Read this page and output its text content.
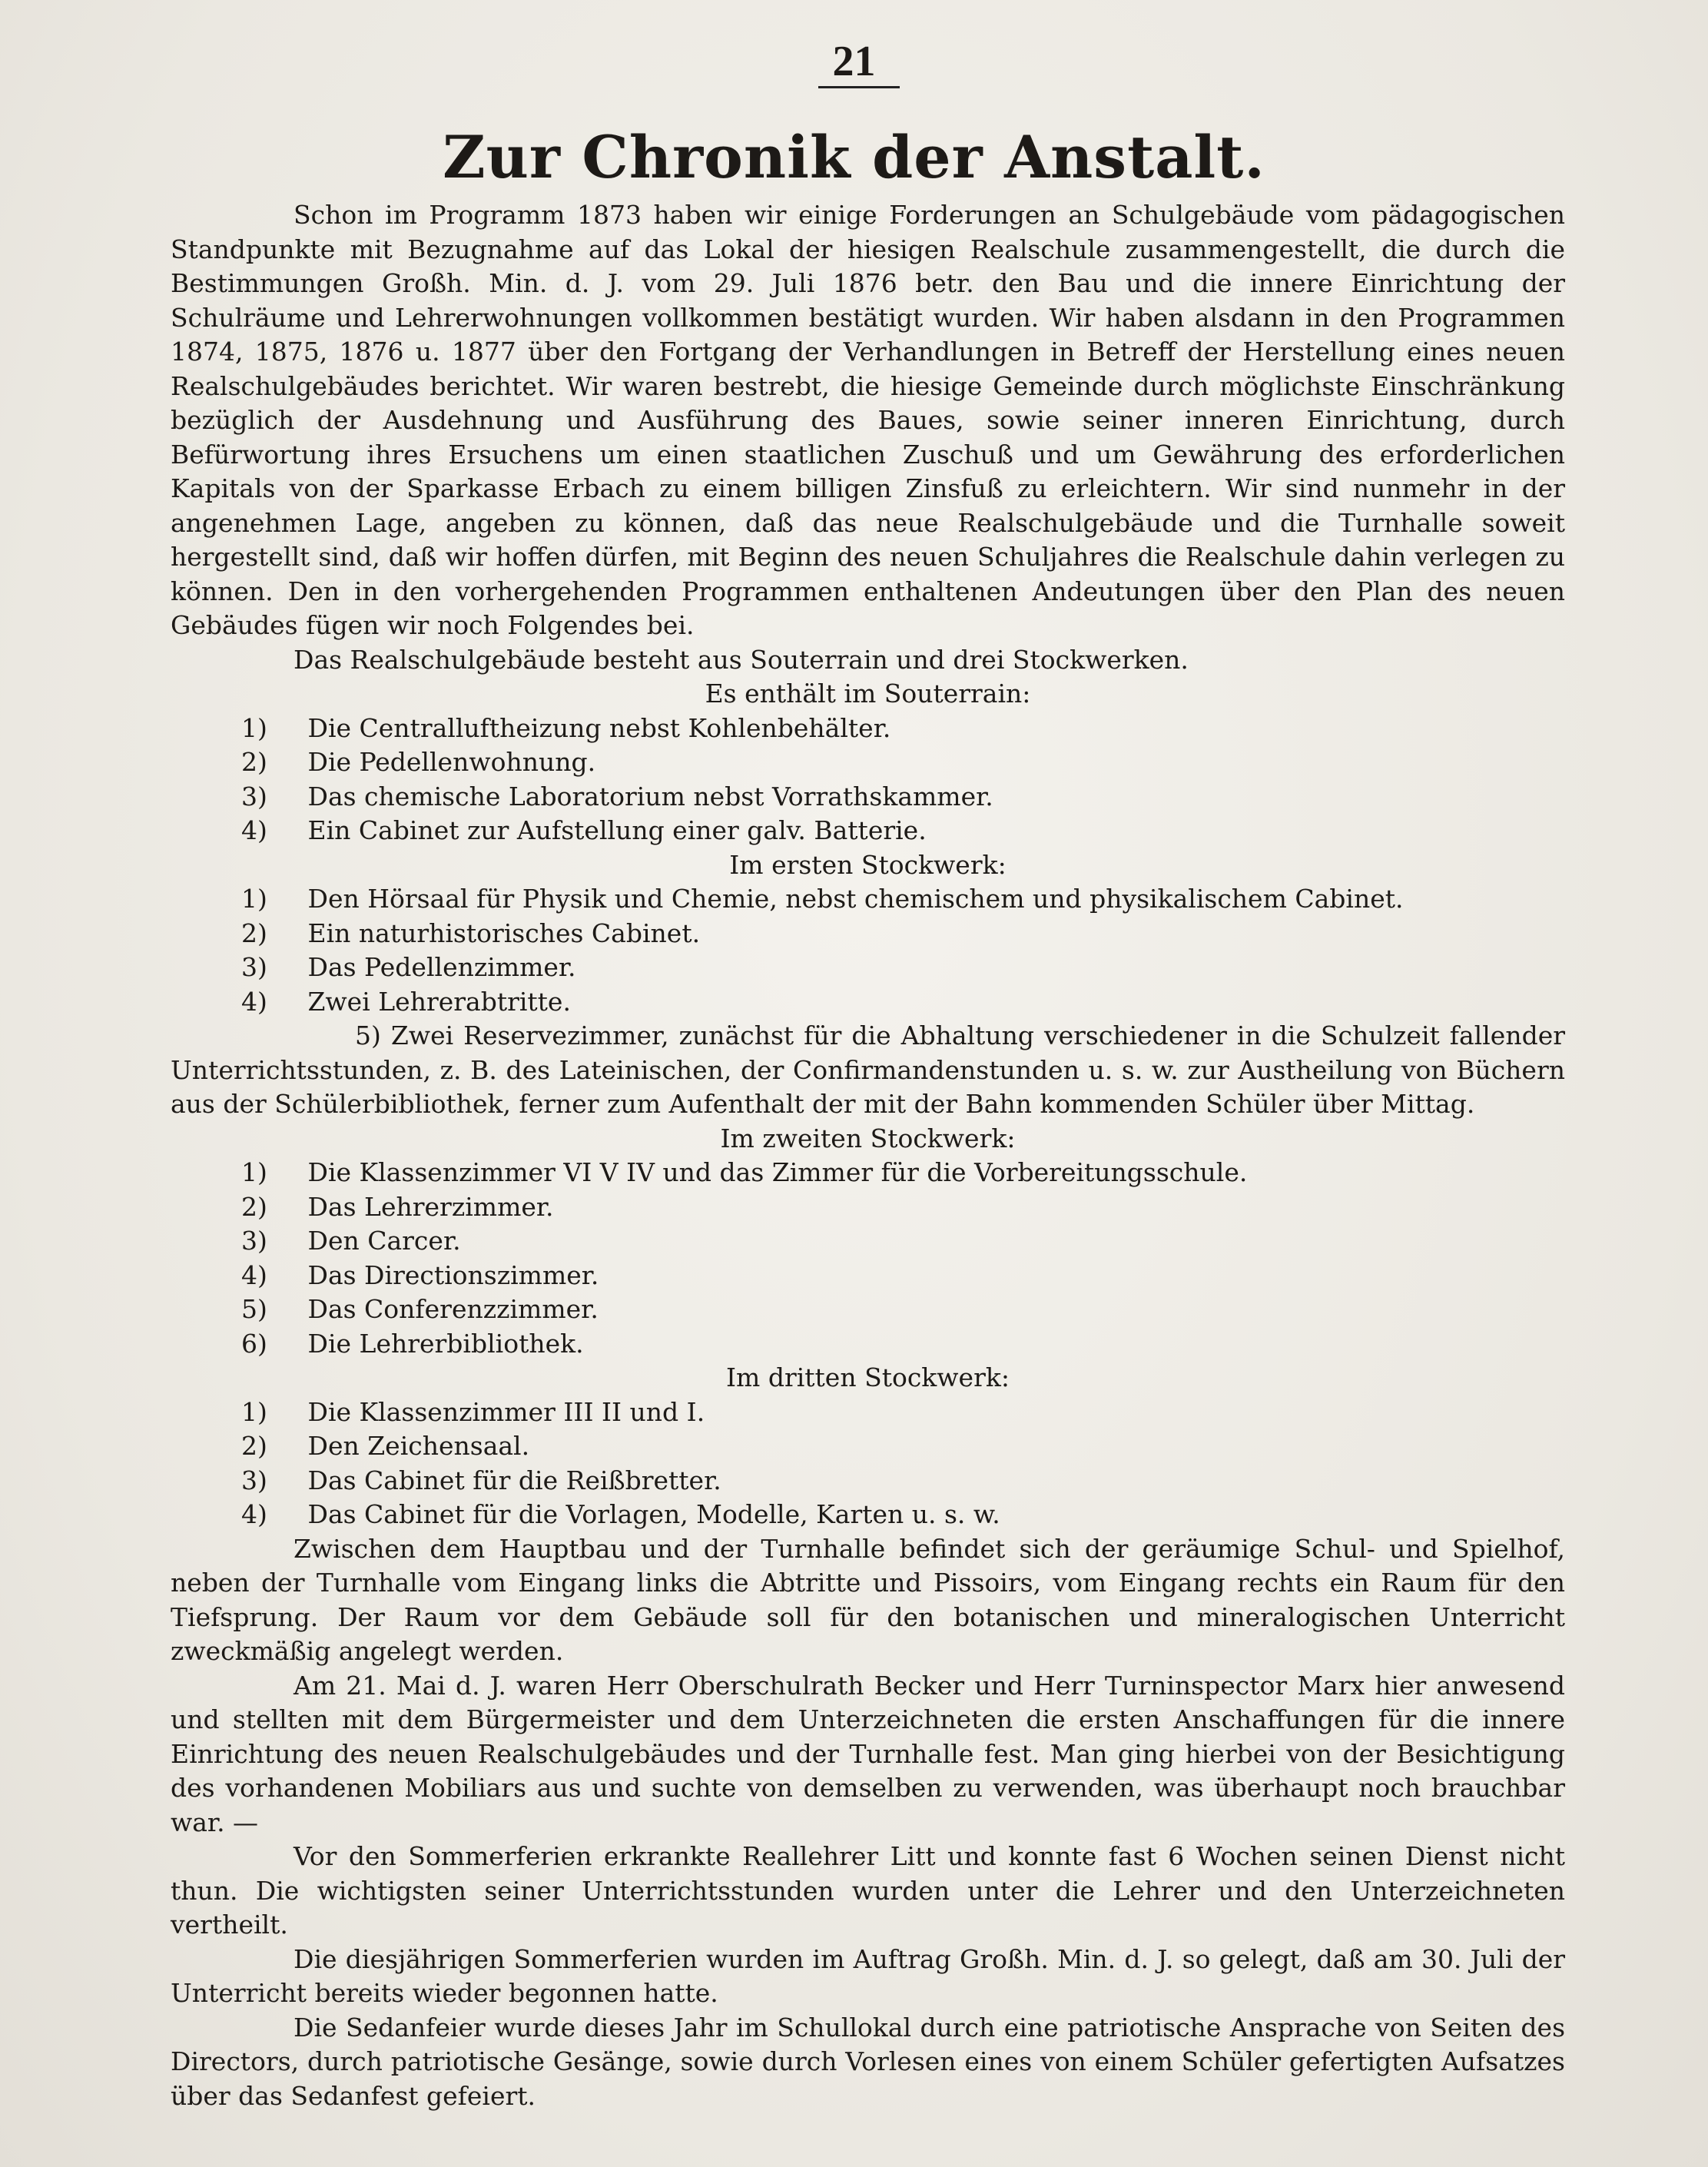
21
Zur Chronik der Anstalt.

Schon im Programm 1873 haben wir einige Forderungen an Schulgebäude vom pädagogischen Standpunkte mit Bezugnahme auf das Lokal der hiesigen Realschule zusammengestellt, die durch die Bestimmungen Großh. Min. d. J. vom 29. Juli 1876 betr. den Bau und die innere Einrichtung der Schulräume und Lehrerwohnungen vollkommen bestätigt wurden. Wir haben alsdann in den Programmen 1874, 1875, 1876 u. 1877 über den Fortgang der Verhandlungen in Betreff der Herstellung eines neuen Realschulgebäudes berichtet. Wir waren bestrebt, die hiesige Gemeinde durch möglichste Einschränkung bezüglich der Ausdehnung und Ausführung des Baues, sowie seiner inneren Einrichtung, durch Befürwortung ihres Ersuchens um einen staatlichen Zuschuß und um Gewährung des erforderlichen Kapitals von der Sparkasse Erbach zu einem billigen Zinsfuß zu erleichtern. Wir sind nunmehr in der angenehmen Lage, angeben zu können, daß das neue Realschulgebäude und die Turnhalle soweit hergestellt sind, daß wir hoffen dürfen, mit Beginn des neuen Schuljahres die Realschule dahin verlegen zu können. Den in den vorhergehenden Programmen enthaltenen Andeutungen über den Plan des neuen Gebäudes fügen wir noch Folgendes bei.

Das Realschulgebäude besteht aus Souterrain und drei Stockwerken.

Es enthält im Souterrain:

1) Die Centralluftheizung nebst Kohlenbehälter.
2) Die Pedellenwohnung.
3) Das chemische Laboratorium nebst Vorrathskammer.
4) Ein Cabinet zur Aufstellung einer galv. Batterie.

Im ersten Stockwerk:

1) Den Hörsaal für Physik und Chemie, nebst chemischem und physikalischem Cabinet.
2) Ein naturhistorisches Cabinet.
3) Das Pedellenzimmer.
4) Zwei Lehrerabtritte.
5) Zwei Reservezimmer, zunächst für die Abhaltung verschiedener in die Schulzeit fallender Unterrichtsstunden, z. B. des Lateinischen, der Confirmandenstunden u. s. w. zur Austheilung von Büchern aus der Schülerbibliothek, ferner zum Aufenthalt der mit der Bahn kommenden Schüler über Mittag.

Im zweiten Stockwerk:

1) Die Klassenzimmer VI V IV und das Zimmer für die Vorbereitungsschule.
2) Das Lehrerzimmer.
3) Den Carcer.
4) Das Directionszimmer.
5) Das Conferenzzimmer.
6) Die Lehrerbibliothek.

Im dritten Stockwerk:

1) Die Klassenzimmer III II und I.
2) Den Zeichensaal.
3) Das Cabinet für die Reißbretter.
4) Das Cabinet für die Vorlagen, Modelle, Karten u. s. w.

Zwischen dem Hauptbau und der Turnhalle befindet sich der geräumige Schul- und Spielhof, neben der Turnhalle vom Eingang links die Abtritte und Pissoirs, vom Eingang rechts ein Raum für den Tiefsprung. Der Raum vor dem Gebäude soll für den botanischen und mineralogischen Unterricht zweckmäßig angelegt werden.

Am 21. Mai d. J. waren Herr Oberschulrath Becker und Herr Turninspector Marx hier anwesend und stellten mit dem Bürgermeister und dem Unterzeichneten die ersten Anschaffungen für die innere Einrichtung des neuen Realschulgebäudes und der Turnhalle fest. Man ging hierbei von der Besichtigung des vorhandenen Mobiliars aus und suchte von demselben zu verwenden, was überhaupt noch brauchbar war. —

Vor den Sommerferien erkrankte Reallehrer Litt und konnte fast 6 Wochen seinen Dienst nicht thun. Die wichtigsten seiner Unterrichtsstunden wurden unter die Lehrer und den Unterzeichneten vertheilt.

Die diesjährigen Sommerferien wurden im Auftrag Großh. Min. d. J. so gelegt, daß am 30. Juli der Unterricht bereits wieder begonnen hatte.

Die Sedanfeier wurde dieses Jahr im Schullokal durch eine patriotische Ansprache von Seiten des Directors, durch patriotische Gesänge, sowie durch Vorlesen eines von einem Schüler gefertigten Aufsatzes über das Sedanfest gefeiert.
